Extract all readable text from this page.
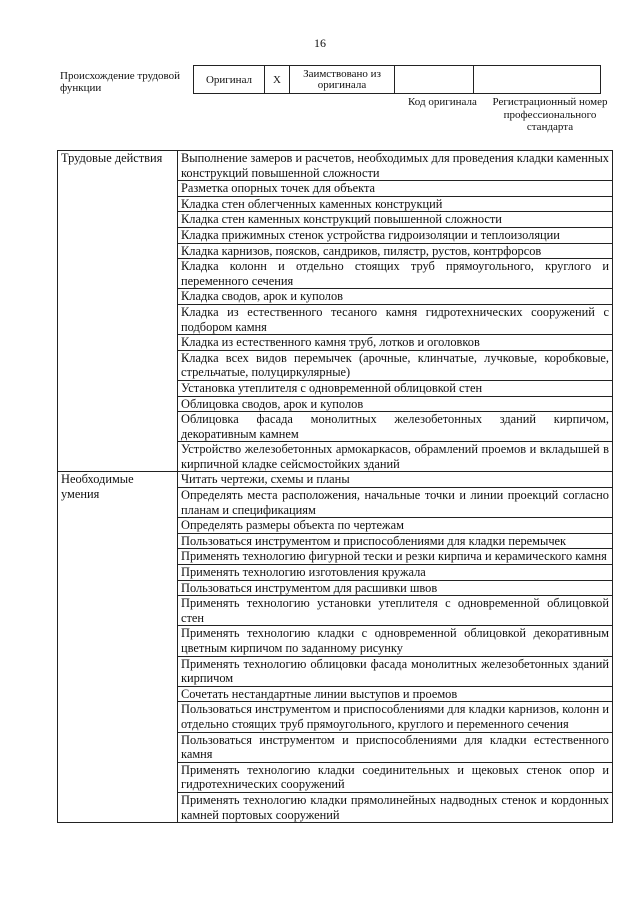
16
Происхождение трудовой функции
Оригинал	X	Заимствовано из оригинала		
Код оригинала	Регистрационный номер профессионального стандарта
Трудовые действия	Выполнение замеров и расчетов, необходимых для проведения кладки каменных конструкций повышенной сложности
	Разметка опорных точек для объекта
	Кладка стен облегченных каменных конструкций
	Кладка стен каменных конструкций повышенной сложности
	Кладка прижимных стенок устройства гидроизоляции и теплоизоляции
	Кладка карнизов, поясков, сандриков, пилястр, рустов, контрфорсов
	Кладка колонн и отдельно стоящих труб прямоугольного, круглого и переменного сечения
	Кладка сводов, арок и куполов
	Кладка из естественного тесаного камня гидротехнических сооружений с подбором камня
	Кладка из естественного камня труб, лотков и оголовков
	Кладка всех видов перемычек (арочные, клинчатые, лучковые, коробковые, стрельчатые, полуциркулярные)
	Установка утеплителя с одновременной облицовкой стен
	Облицовка сводов, арок и куполов
	Облицовка фасада монолитных железобетонных зданий кирпичом, декоративным камнем
	Устройство железобетонных армокаркасов, обрамлений проемов и вкладышей в кирпичной кладке сейсмостойких зданий
Необходимые умения	Читать чертежи, схемы и планы
	Определять места расположения, начальные точки и линии проекций согласно планам и спецификациям
	Определять размеры объекта по чертежам
	Пользоваться инструментом и приспособлениями для кладки перемычек
	Применять технологию фигурной тески и резки кирпича и керамического камня
	Применять технологию изготовления кружала
	Пользоваться инструментом для расшивки швов
	Применять технологию установки утеплителя с одновременной облицовкой стен
	Применять технологию кладки с одновременной облицовкой декоративным цветным кирпичом по заданному рисунку
	Применять технологию облицовки фасада монолитных железобетонных зданий кирпичом
	Сочетать нестандартные линии выступов и проемов
	Пользоваться инструментом и приспособлениями для кладки карнизов, колонн и отдельно стоящих труб прямоугольного, круглого и переменного сечения
	Пользоваться инструментом и приспособлениями для кладки естественного камня
	Применять технологию кладки соединительных и щековых стенок опор и гидротехнических сооружений
	Применять технологию кладки прямолинейных надводных стенок и кордонных камней портовых сооружений
